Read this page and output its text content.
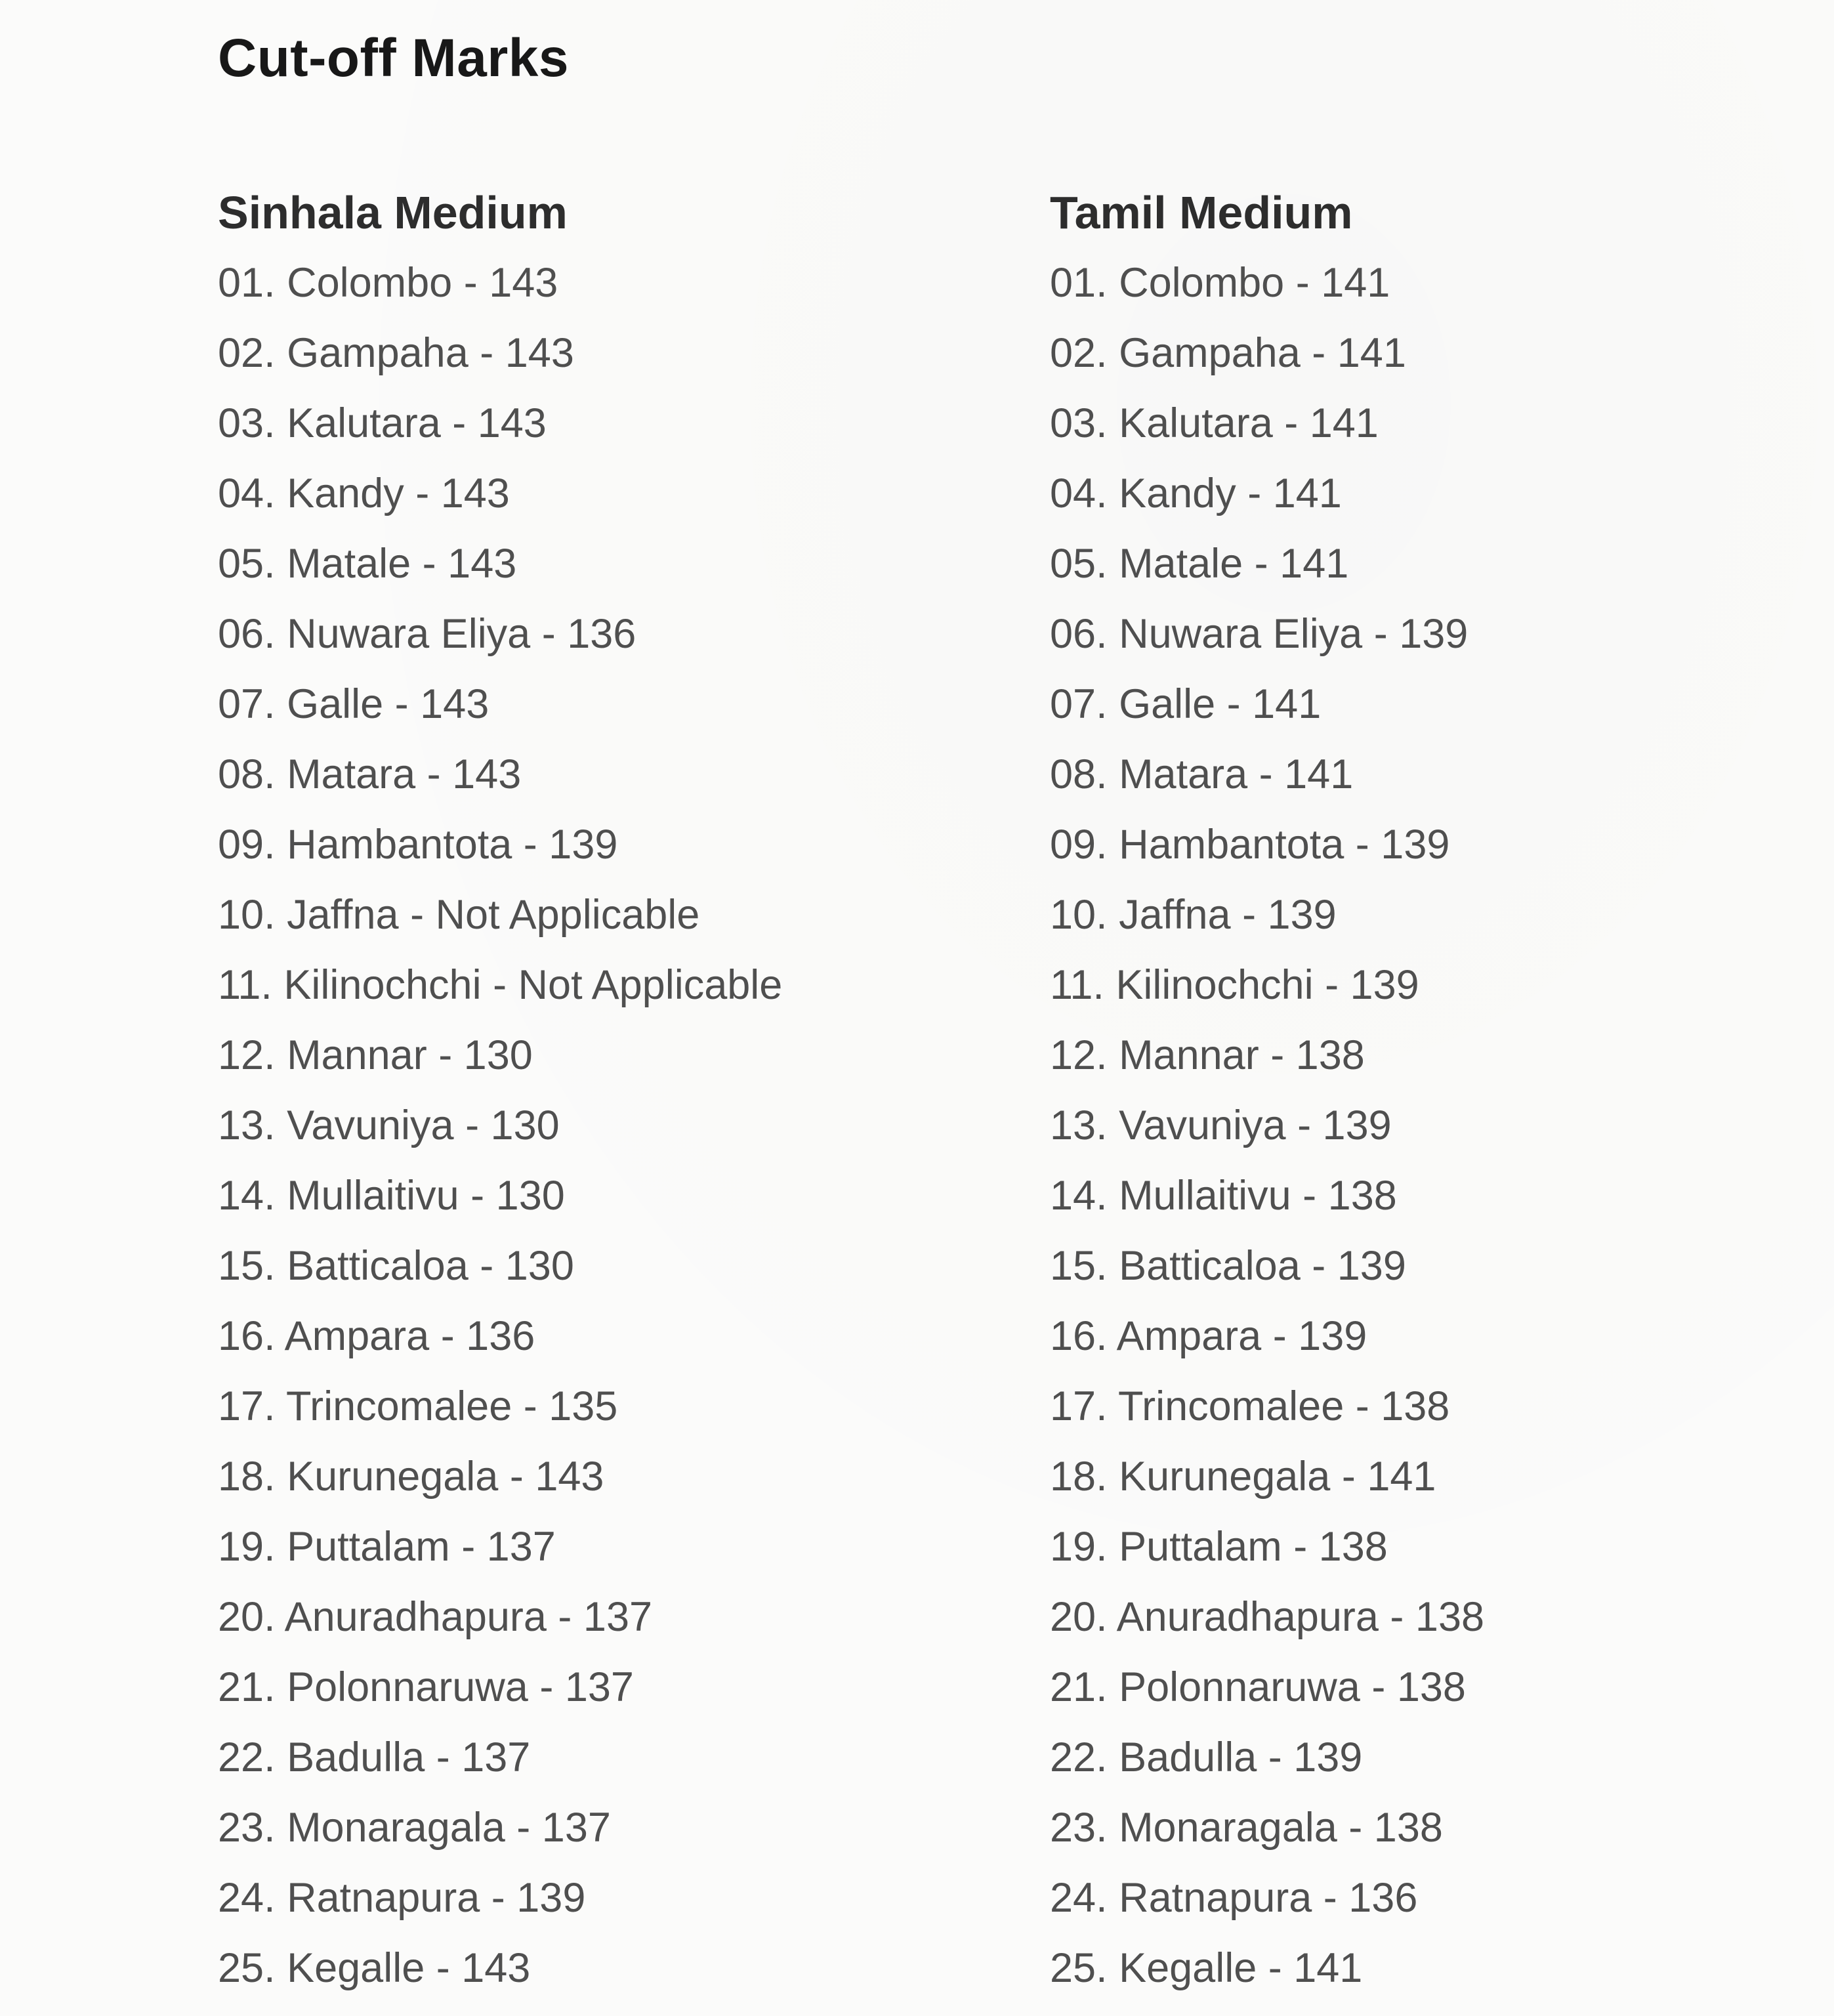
Cut-off Marks
Sinhala Medium
01. Colombo - 143
02. Gampaha - 143
03. Kalutara - 143
04. Kandy - 143
05. Matale - 143
06. Nuwara Eliya - 136
07. Galle - 143
08. Matara - 143
09. Hambantota - 139
10. Jaffna - Not Applicable
11. Kilinochchi - Not Applicable
12. Mannar - 130
13. Vavuniya - 130
14. Mullaitivu - 130
15. Batticaloa - 130
16. Ampara - 136
17. Trincomalee - 135
18. Kurunegala - 143
19. Puttalam - 137
20. Anuradhapura - 137
21. Polonnaruwa - 137
22. Badulla - 137
23. Monaragala - 137
24. Ratnapura - 139
25. Kegalle - 143
Tamil Medium
01. Colombo - 141
02. Gampaha - 141
03. Kalutara - 141
04. Kandy - 141
05. Matale - 141
06. Nuwara Eliya - 139
07. Galle - 141
08. Matara - 141
09. Hambantota - 139
10. Jaffna - 139
11. Kilinochchi - 139
12. Mannar - 138
13. Vavuniya - 139
14. Mullaitivu - 138
15. Batticaloa - 139
16. Ampara - 139
17. Trincomalee - 138
18. Kurunegala - 141
19. Puttalam - 138
20. Anuradhapura - 138
21. Polonnaruwa - 138
22. Badulla - 139
23. Monaragala - 138
24. Ratnapura - 136
25. Kegalle - 141
